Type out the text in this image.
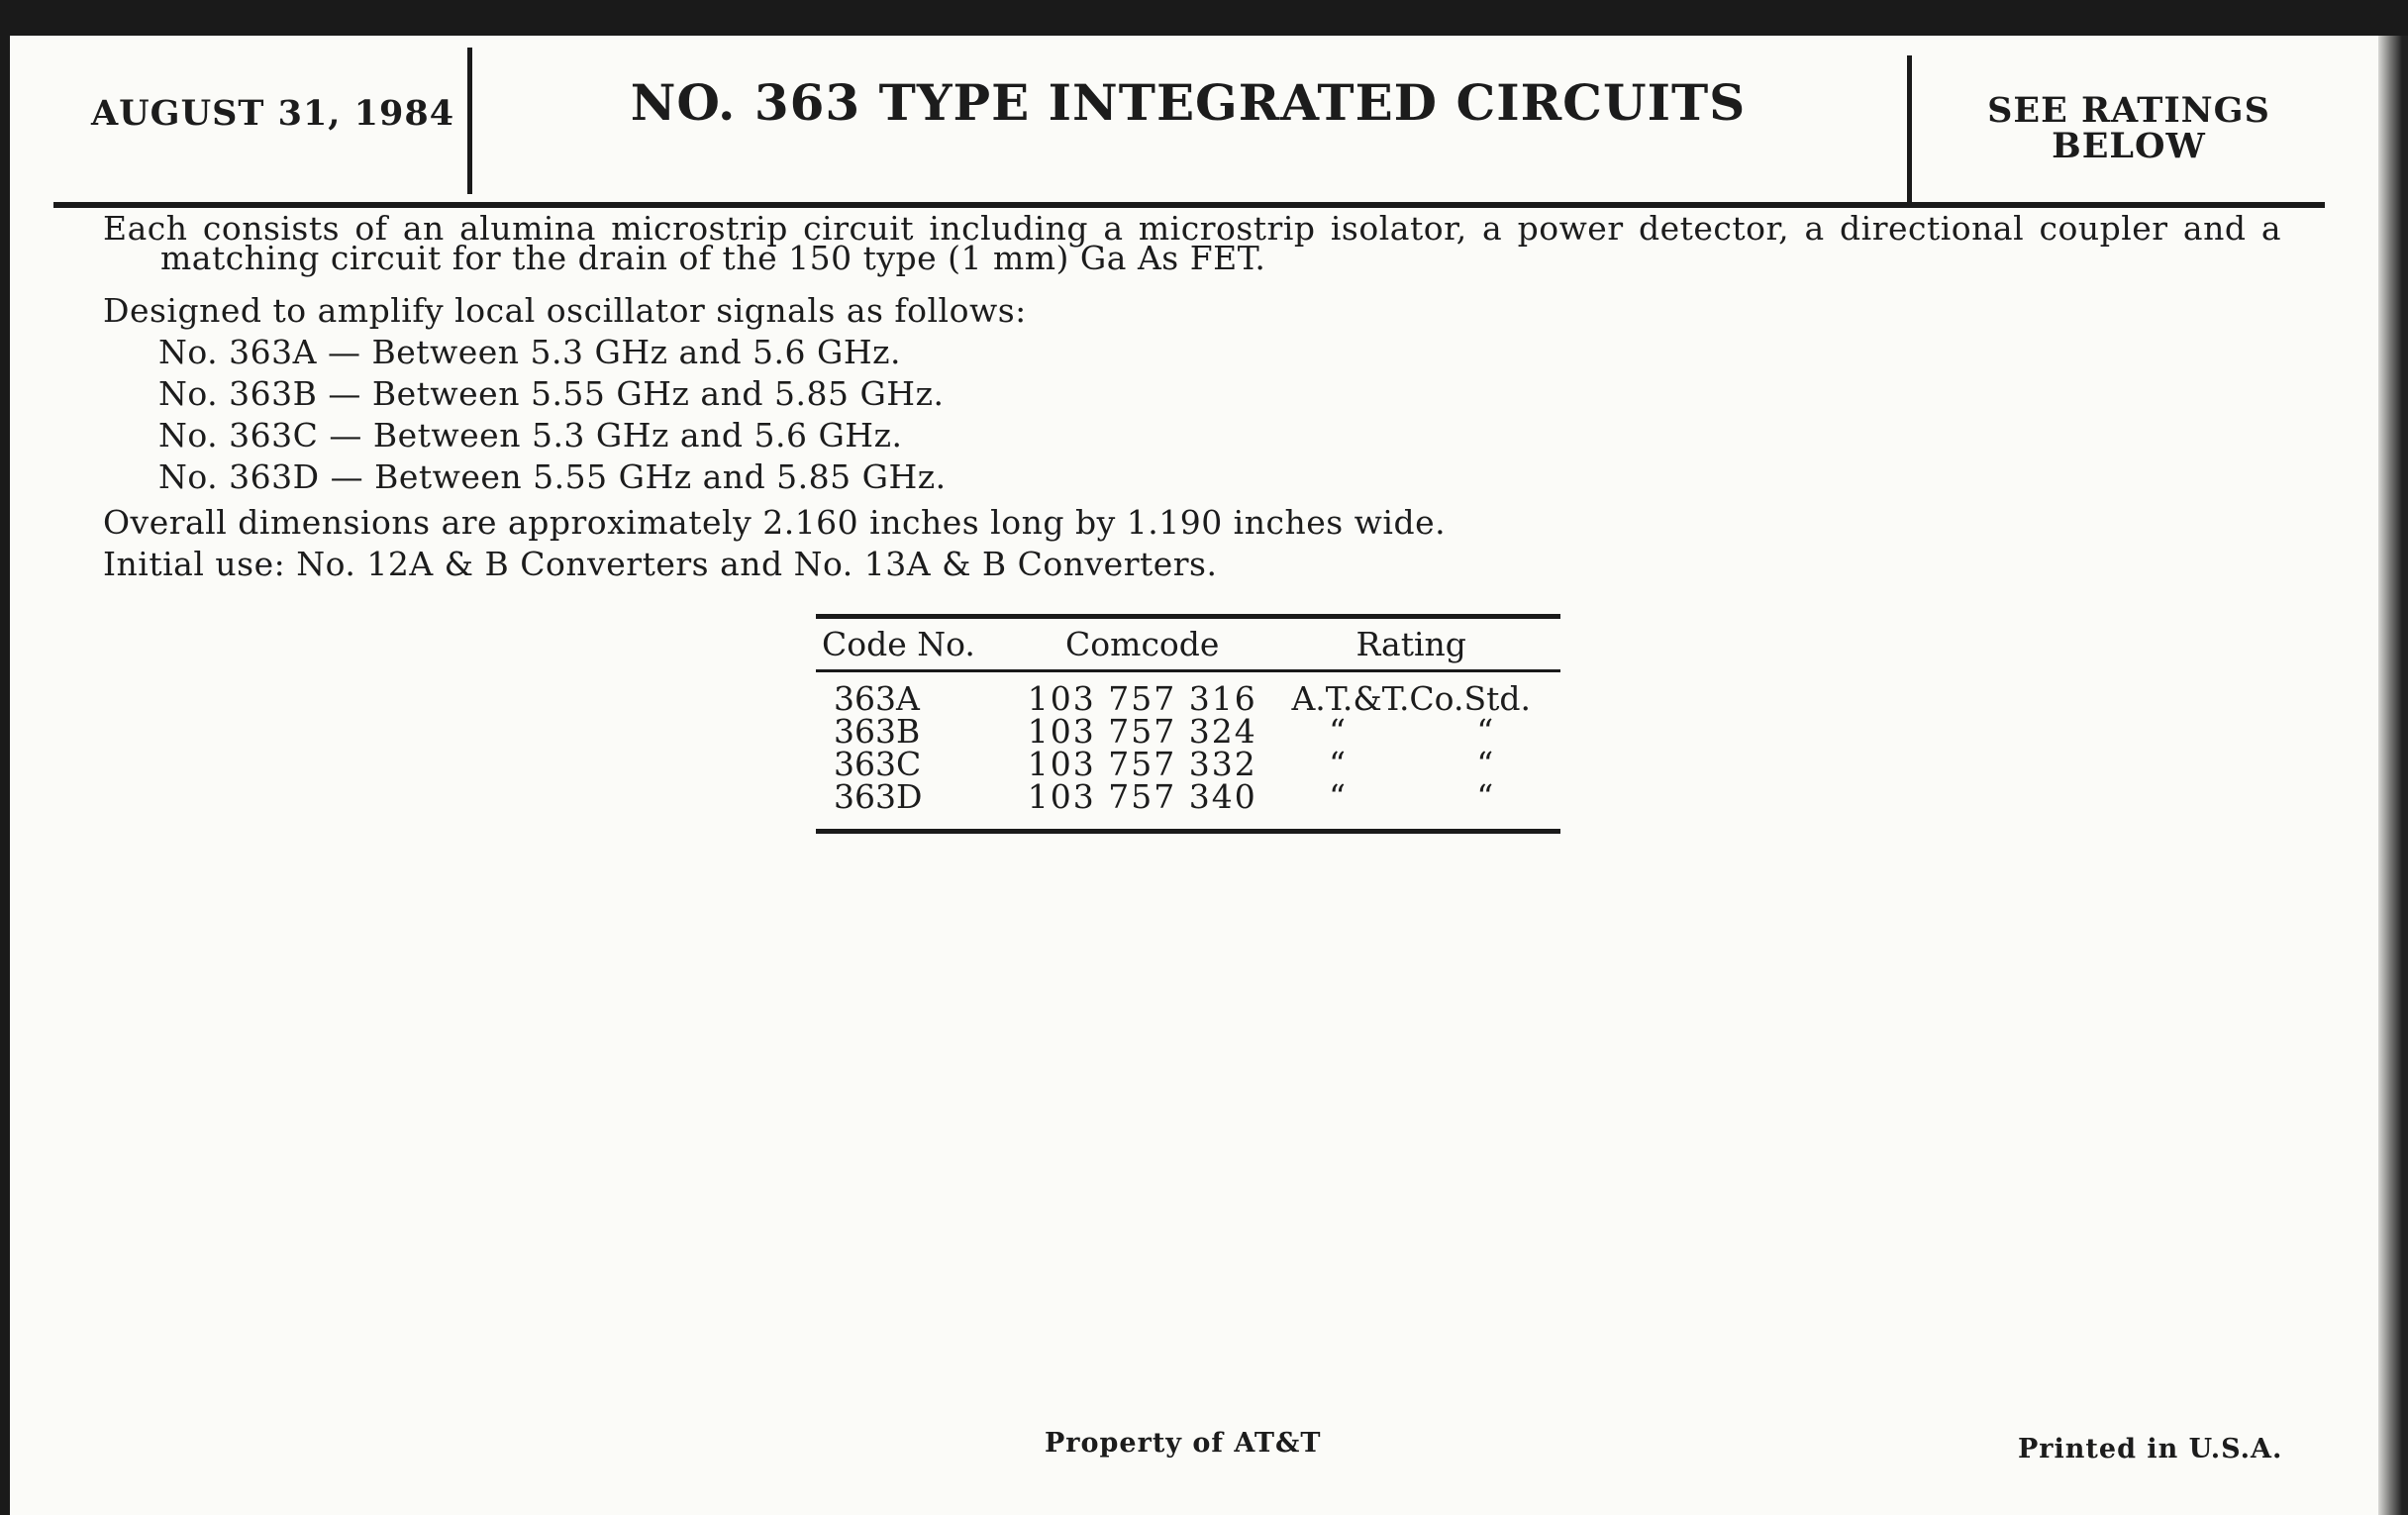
AUGUST 31, 1984	NO. 363 TYPE INTEGRATED CIRCUITS	SEE RATINGS
BELOW
Each consists of an alumina microstrip circuit including a microstrip isolator, a power detector, a directional coupler and a
matching circuit for the drain of the 150 type (1 mm) Ga As FET.
Designed to amplify local oscillator signals as follows:
No. 363A — Between 5.3 GHz and 5.6 GHz.
No. 363B — Between 5.55 GHz and 5.85 GHz.
No. 363C — Between 5.3 GHz and 5.6 GHz.
No. 363D — Between 5.55 GHz and 5.85 GHz.
Overall dimensions are approximately 2.160 inches long by 1.190 inches wide.
Initial use: No. 12A & B Converters and No. 13A & B Converters.
Code No.	Comcode	Rating
363A	103 757 316	A.T.&T.Co.Std.
363B	103 757 324	“ “
363C	103 757 332	“ “
363D	103 757 340	“ “
Property of AT&T	Printed in U.S.A.
